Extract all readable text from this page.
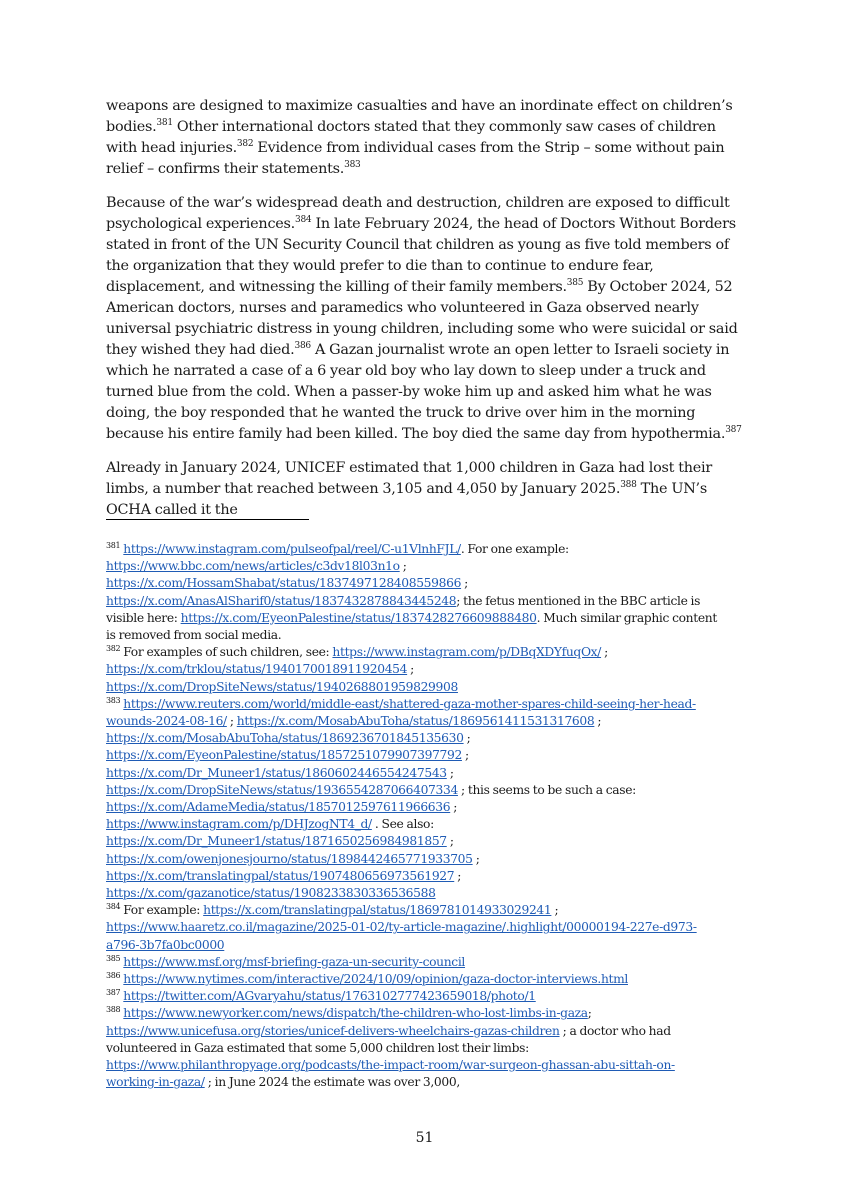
weapons are designed to maximize casualties and have an inordinate effect on children’s bodies.$^{381}$ Other international doctors stated that they commonly saw cases of children with head injuries.$^{382}$ Evidence from individual cases from the Strip – some without pain relief – confirms their statements.$^{383}$

Because of the war’s widespread death and destruction, children are exposed to difficult psychological experiences.$^{384}$ In late February 2024, the head of Doctors Without Borders stated in front of the UN Security Council that children as young as five told members of the organization that they would prefer to die than to continue to endure fear, displacement, and witnessing the killing of their family members.$^{385}$ By October 2024, 52 American doctors, nurses and paramedics who volunteered in Gaza observed nearly universal psychiatric distress in young children, including some who were suicidal or said they wished they had died.$^{386}$ A Gazan journalist wrote an open letter to Israeli society in which he narrated a case of a 6 year old boy who lay down to sleep under a truck and turned blue from the cold. When a passer-by woke him up and asked him what he was doing, the boy responded that he wanted the truck to drive over him in the morning because his entire family had been killed. The boy died the same day from hypothermia.$^{387}$

Already in January 2024, UNICEF estimated that 1,000 children in Gaza had lost their limbs, a number that reached between 3,105 and 4,050 by January 2025.$^{388}$ The UN’s OCHA called it the

$^{381}$ https://www.instagram.com/pulseofpal/reel/C-u1VlnhFJL/. For one example:
https://www.bbc.com/news/articles/c3dv18l03n1o ;
https://x.com/HossamShabat/status/1837497128408559866 ;
https://x.com/AnasAlSharif0/status/1837432878843445248; the fetus mentioned in the BBC article is
visible here: https://x.com/EyeonPalestine/status/1837428276609888480. Much similar graphic content
is removed from social media.
$^{382}$ For examples of such children, see: https://www.instagram.com/p/DBqXDYfuqOx/ ;
https://x.com/trklou/status/1940170018911920454 ;
https://x.com/DropSiteNews/status/1940268801959829908
$^{383}$ https://www.reuters.com/world/middle-east/shattered-gaza-mother-spares-child-seeing-her-head-
wounds-2024-08-16/ ; https://x.com/MosabAbuToha/status/1869561411531317608 ;
https://x.com/MosabAbuToha/status/1869236701845135630 ;
https://x.com/EyeonPalestine/status/1857251079907397792 ;
https://x.com/Dr_Muneer1/status/1860602446554247543 ;
https://x.com/DropSiteNews/status/1936554287066407334 ; this seems to be such a case:
https://x.com/AdameMedia/status/1857012597611966636 ;
https://www.instagram.com/p/DHJzogNT4_d/ . See also:
https://x.com/Dr_Muneer1/status/1871650256984981857 ;
https://x.com/owenjonesjourno/status/1898442465771933705 ;
https://x.com/translatingpal/status/1907480656973561927 ;
https://x.com/gazanotice/status/1908233830336536588
$^{384}$ For example: https://x.com/translatingpal/status/1869781014933029241 ;
https://www.haaretz.co.il/magazine/2025-01-02/ty-article-magazine/.highlight/00000194-227e-d973-
a796-3b7fa0bc0000
$^{385}$ https://www.msf.org/msf-briefing-gaza-un-security-council
$^{386}$ https://www.nytimes.com/interactive/2024/10/09/opinion/gaza-doctor-interviews.html
$^{387}$ https://twitter.com/AGvaryahu/status/1763102777423659018/photo/1
$^{388}$ https://www.newyorker.com/news/dispatch/the-children-who-lost-limbs-in-gaza;
https://www.unicefusa.org/stories/unicef-delivers-wheelchairs-gazas-children ; a doctor who had
volunteered in Gaza estimated that some 5,000 children lost their limbs:
https://www.philanthropyage.org/podcasts/the-impact-room/war-surgeon-ghassan-abu-sittah-on-
working-in-gaza/ ; in June 2024 the estimate was over 3,000,
51
